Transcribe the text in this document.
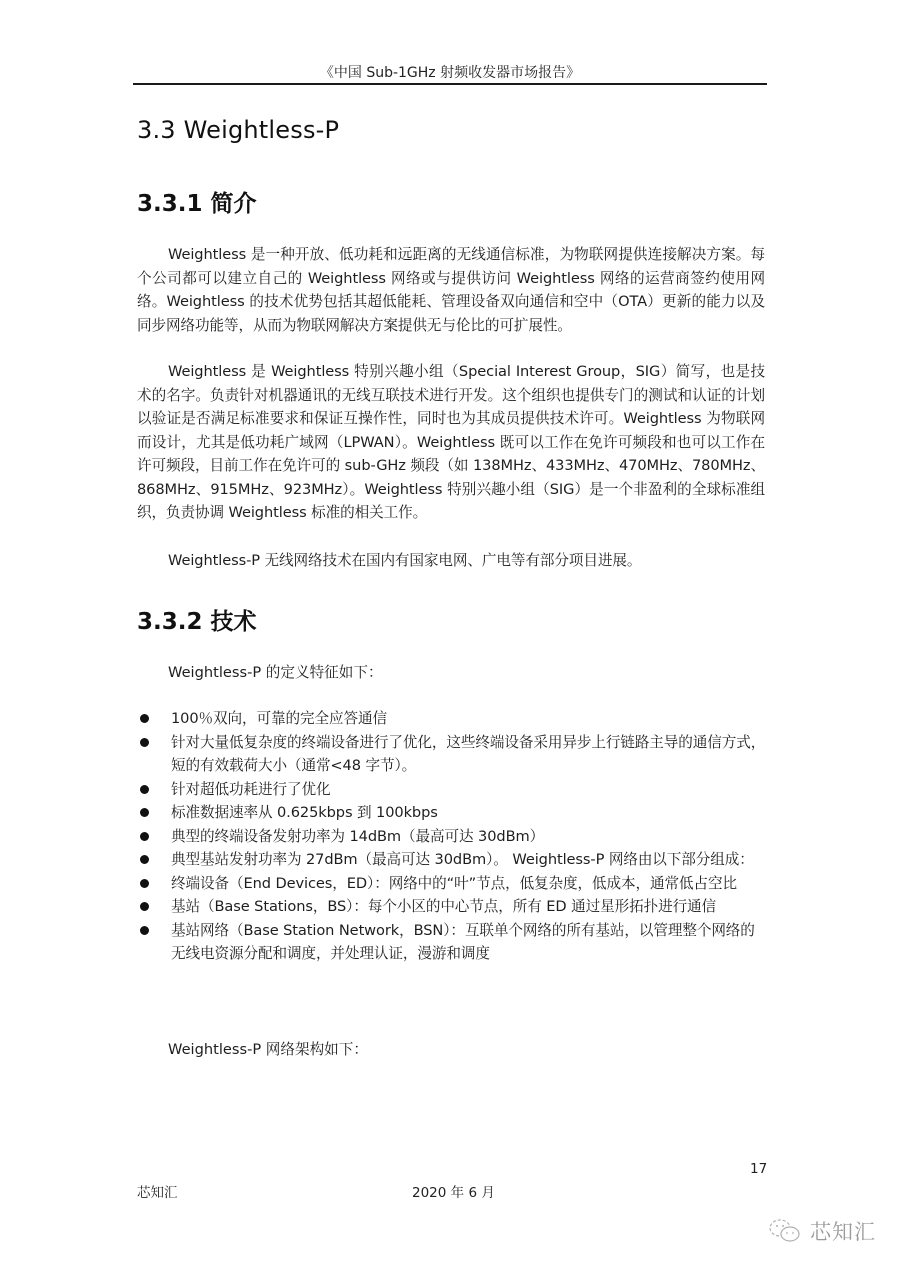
《中国 Sub-1GHz 射频收发器市场报告》
3.3 Weightless-P
3.3.1 简介

Weightless 是一种开放、低功耗和远距离的无线通信标准，为物联网提供连接解决方案。每个公司都可以建立自己的 Weightless 网络或与提供访问 Weightless 网络的运营商签约使用网络。Weightless 的技术优势包括其超低能耗、管理设备双向通信和空中（OTA）更新的能力以及同步网络功能等，从而为物联网解决方案提供无与伦比的可扩展性。

Weightless 是 Weightless 特别兴趣小组（Special Interest Group，SIG）简写，也是技术的名字。负责针对机器通讯的无线互联技术进行开发。这个组织也提供专门的测试和认证的计划以验证是否满足标准要求和保证互操作性，同时也为其成员提供技术许可。Weightless 为物联网而设计，尤其是低功耗广域网（LPWAN）。Weightless 既可以工作在免许可频段和也可以工作在许可频段，目前工作在免许可的 sub-GHz 频段（如 138MHz、433MHz、470MHz、780MHz、868MHz、915MHz、923MHz）。Weightless 特别兴趣小组（SIG）是一个非盈利的全球标准组织，负责协调 Weightless 标准的相关工作。

Weightless-P 无线网络技术在国内有国家电网、广电等有部分项目进展。

3.3.2 技术

Weightless-P 的定义特征如下：

100％双向，可靠的完全应答通信
针对大量低复杂度的终端设备进行了优化，这些终端设备采用异步上行链路主导的通信方式，短的有效载荷大小（通常<48 字节）。
针对超低功耗进行了优化
标准数据速率从 0.625kbps 到 100kbps
典型的终端设备发射功率为 14dBm（最高可达 30dBm）
典型基站发射功率为 27dBm（最高可达 30dBm）。 Weightless-P 网络由以下部分组成：
终端设备（End Devices，ED）：网络中的“叶”节点，低复杂度，低成本，通常低占空比
基站（Base Stations，BS）：每个小区的中心节点，所有 ED 通过星形拓扑进行通信
基站网络（Base Station Network，BSN）：互联单个网络的所有基站，以管理整个网络的无线电资源分配和调度，并处理认证，漫游和调度

Weightless-P 网络架构如下：

17
芯知汇	2020 年 6 月
芯知汇
